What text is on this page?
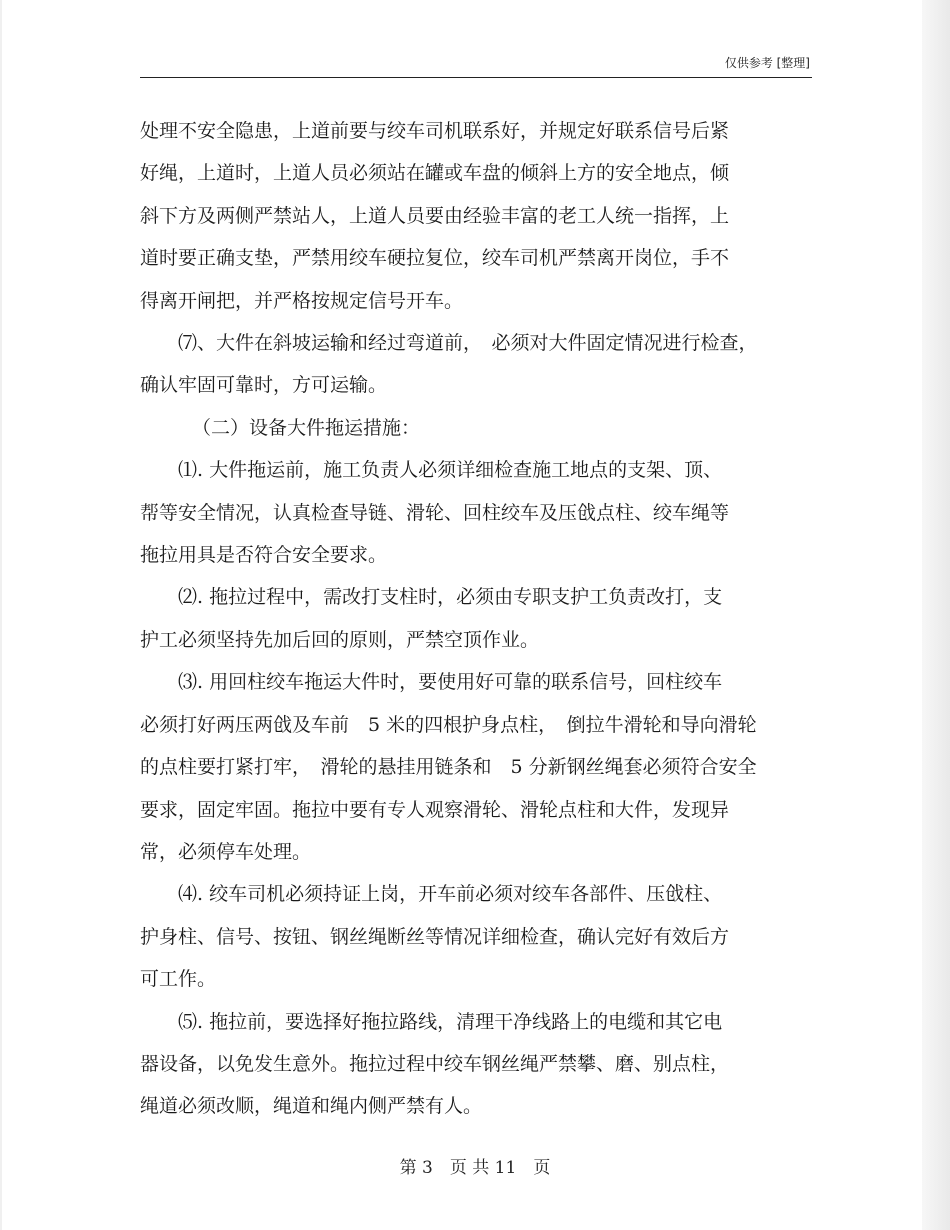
仅供参考 [整理]

处理不安全隐患，上道前要与绞车司机联系好，并规定好联系信号后紧

好绳，上道时，上道人员必须站在罐或车盘的倾斜上方的安全地点，倾

斜下方及两侧严禁站人，上道人员要由经验丰富的老工人统一指挥，上

道时要正确支垫，严禁用绞车硬拉复位，绞车司机严禁离开岗位，手不

得离开闸把，并严格按规定信号开车。

⑺、大件在斜坡运输和经过弯道前，　必须对大件固定情况进行检查，

确认牢固可靠时，方可运输。

（二）设备大件拖运措施：

⑴. 大件拖运前，施工负责人必须详细检查施工地点的支架、顶、

帮等安全情况，认真检查导链、滑轮、回柱绞车及压戗点柱、绞车绳等

拖拉用具是否符合安全要求。

⑵. 拖拉过程中，需改打支柱时，必须由专职支护工负责改打，支

护工必须坚持先加后回的原则，严禁空顶作业。

⑶. 用回柱绞车拖运大件时，要使用好可靠的联系信号，回柱绞车

必须打好两压两戗及车前　5 米的四根护身点柱，　倒拉牛滑轮和导向滑轮

的点柱要打紧打牢，　滑轮的悬挂用链条和　5 分新钢丝绳套必须符合安全

要求，固定牢固。拖拉中要有专人观察滑轮、滑轮点柱和大件，发现异

常，必须停车处理。

⑷. 绞车司机必须持证上岗，开车前必须对绞车各部件、压戗柱、

护身柱、信号、按钮、钢丝绳断丝等情况详细检查，确认完好有效后方

可工作。

⑸. 拖拉前，要选择好拖拉路线，清理干净线路上的电缆和其它电

器设备，以免发生意外。拖拉过程中绞车钢丝绳严禁攀、磨、别点柱，

绳道必须改顺，绳道和绳内侧严禁有人。

第 3　页 共 11　页
